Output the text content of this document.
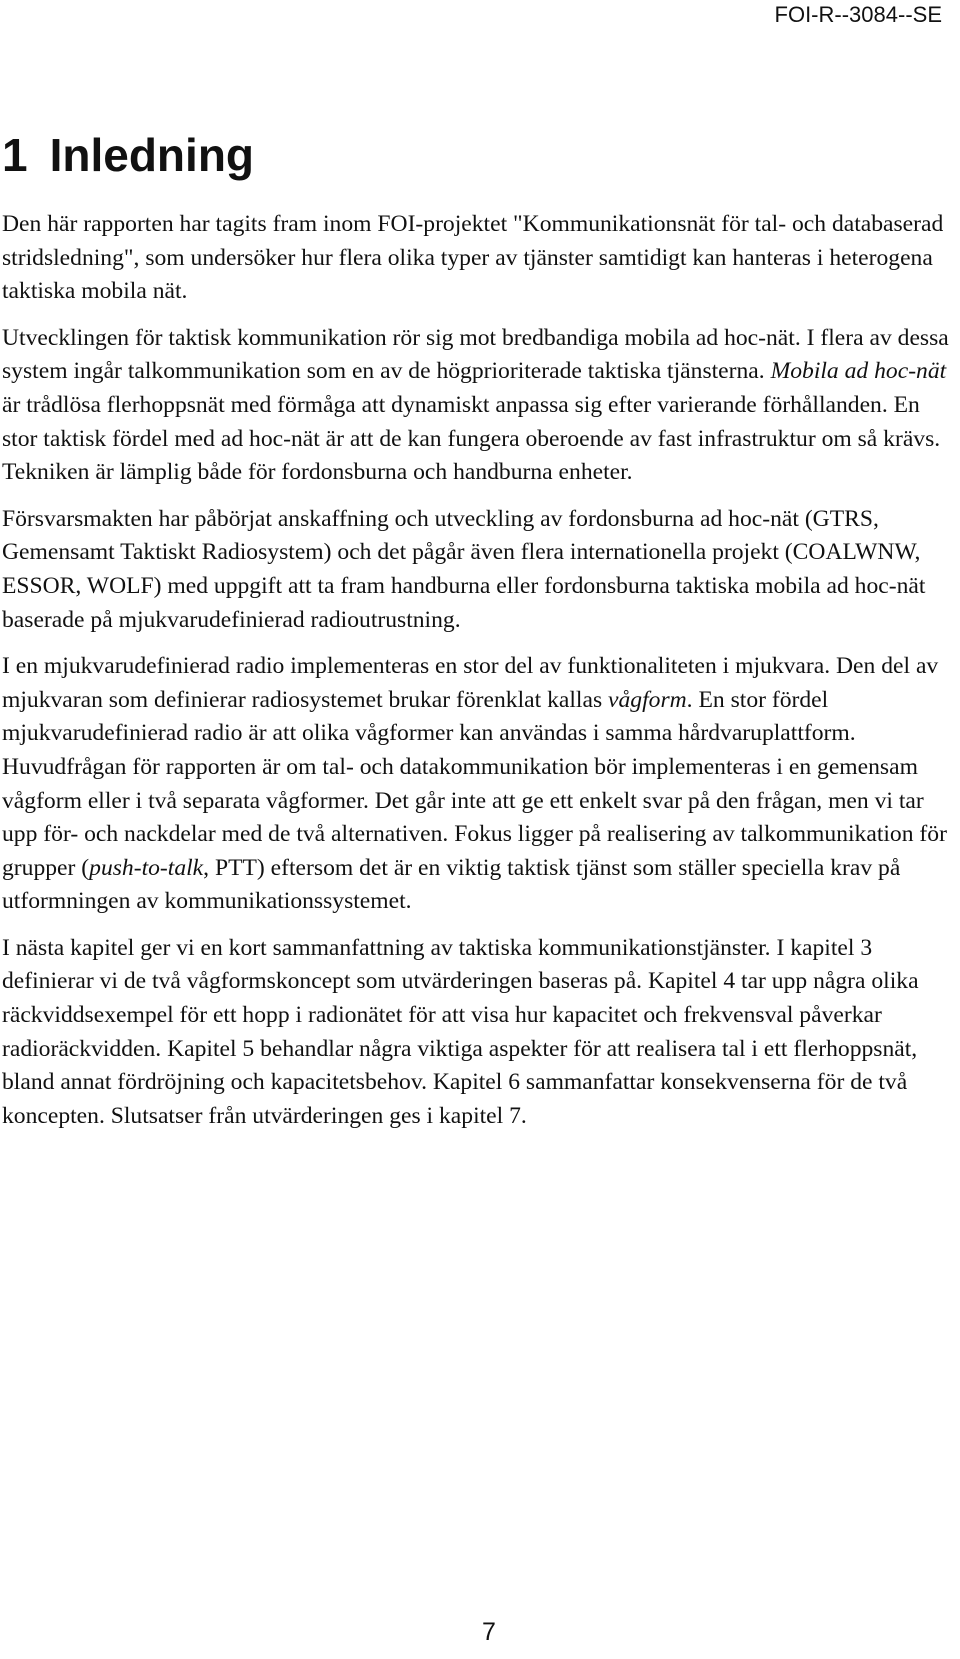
FOI-R--3084--SE
1 Inledning

Den här rapporten har tagits fram inom FOI-projektet "Kommunikationsnät för tal- och databaserad stridsledning", som undersöker hur flera olika typer av tjänster samtidigt kan hanteras i heterogena taktiska mobila nät.

Utvecklingen för taktisk kommunikation rör sig mot bredbandiga mobila ad hoc-nät. I flera av dessa system ingår talkommunikation som en av de högprioriterade taktiska tjänsterna. Mobila ad hoc-nät är trådlösa flerhoppsnät med förmåga att dynamiskt anpassa sig efter varierande förhållanden. En stor taktisk fördel med ad hoc-nät är att de kan fungera oberoende av fast infrastruktur om så krävs. Tekniken är lämplig både för fordonsburna och handburna enheter.

Försvarsmakten har påbörjat anskaffning och utveckling av fordonsburna ad hoc-nät (GTRS, Gemensamt Taktiskt Radiosystem) och det pågår även flera internationella projekt (COALWNW, ESSOR, WOLF) med uppgift att ta fram handburna eller fordonsburna taktiska mobila ad hoc-nät baserade på mjukvarudefinierad radioutrustning.

I en mjukvarudefinierad radio implementeras en stor del av funktionaliteten i mjukvara. Den del av mjukvaran som definierar radiosystemet brukar förenklat kallas vågform. En stor fördel mjukvarudefinierad radio är att olika vågformer kan användas i samma hårdvaruplattform. Huvudfrågan för rapporten är om tal- och datakommunikation bör implementeras i en gemensam vågform eller i två separata vågformer. Det går inte att ge ett enkelt svar på den frågan, men vi tar upp för- och nackdelar med de två alternativen. Fokus ligger på realisering av talkommunikation för grupper (push-to-talk, PTT) eftersom det är en viktig taktisk tjänst som ställer speciella krav på utformningen av kommunikationssystemet.

I nästa kapitel ger vi en kort sammanfattning av taktiska kommunikationstjänster. I kapitel 3 definierar vi de två vågformskoncept som utvärderingen baseras på. Kapitel 4 tar upp några olika räckviddsexempel för ett hopp i radionätet för att visa hur kapacitet och frekvensval påverkar radioräckvidden. Kapitel 5 behandlar några viktiga aspekter för att realisera tal i ett flerhoppsnät, bland annat fördröjning och kapacitetsbehov. Kapitel 6 sammanfattar konsekvenserna för de två koncepten. Slutsatser från utvärderingen ges i kapitel 7.

7
